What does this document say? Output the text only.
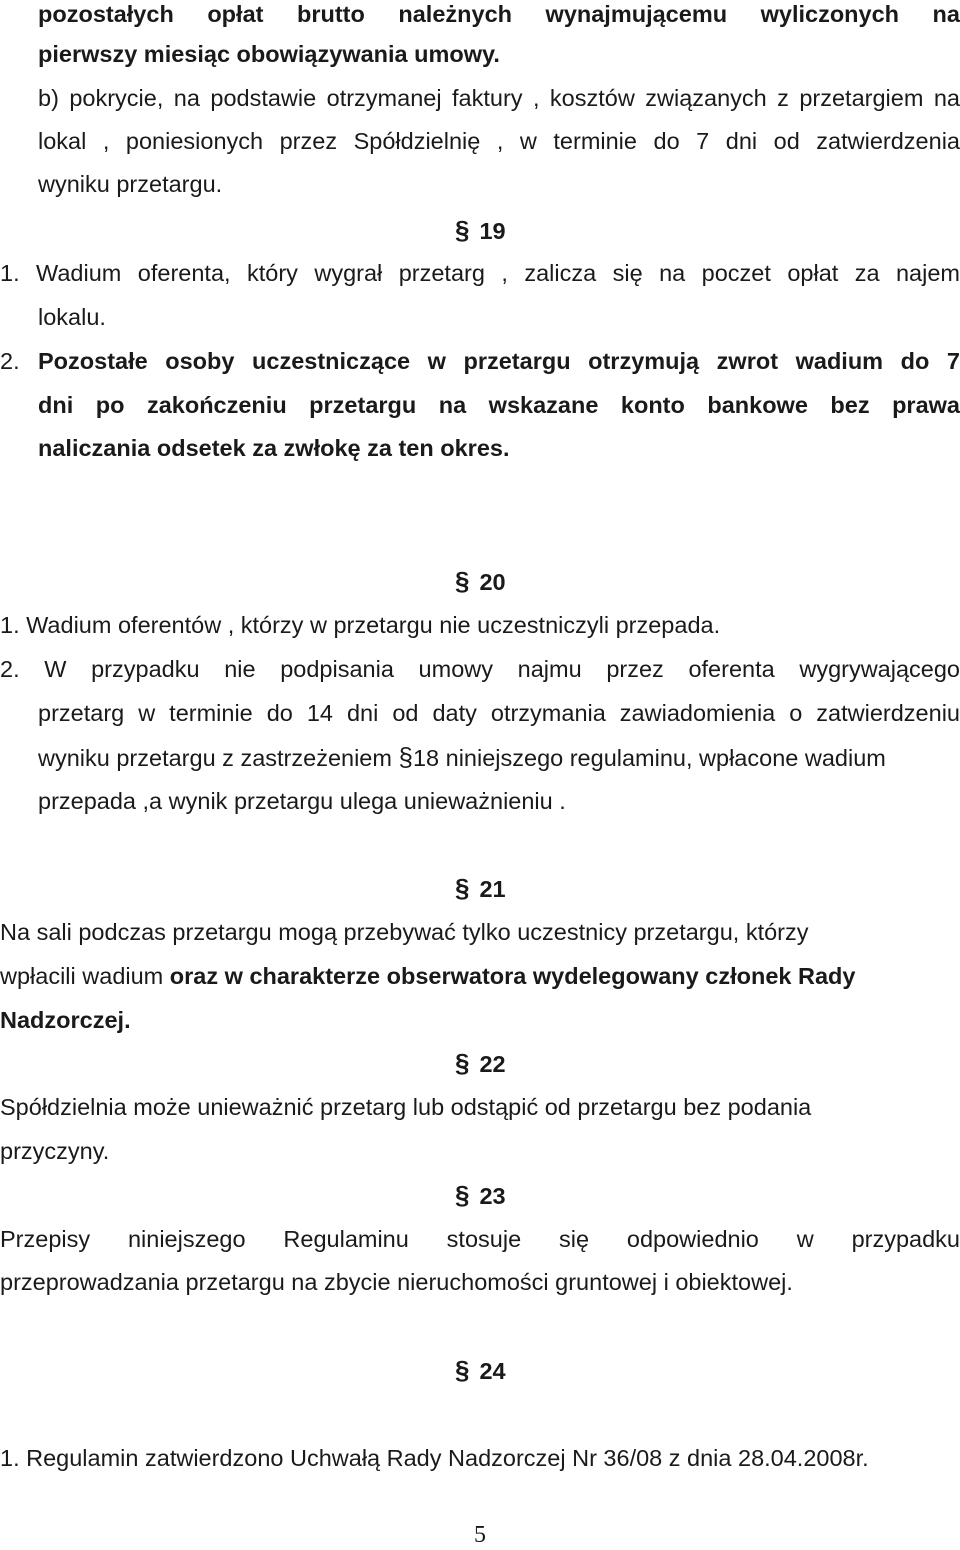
pozostałych opłat brutto należnych wynajmującemu wyliczonych na
pierwszy miesiąc obowiązywania umowy.
b) pokrycie, na podstawie otrzymanej faktury , kosztów związanych z przetargiem na
lokal , poniesionych przez Spółdzielnię , w terminie do 7 dni od zatwierdzenia
wyniku przetargu.
§ 19
1. Wadium oferenta, który wygrał przetarg , zalicza się na poczet opłat za najem
lokalu.
2. Pozostałe osoby uczestniczące w przetargu otrzymują zwrot wadium do 7
dni po zakończeniu przetargu na wskazane konto bankowe bez prawa
naliczania odsetek za zwłokę za ten okres.
§ 20
1. Wadium oferentów , którzy w przetargu nie uczestniczyli przepada.
2. W przypadku nie podpisania umowy najmu przez oferenta wygrywającego
przetarg w terminie do 14 dni od daty otrzymania zawiadomienia o zatwierdzeniu
wyniku przetargu z zastrzeżeniem §18 niniejszego regulaminu, wpłacone wadium
przepada ,a wynik przetargu ulega unieważnieniu .
§ 21
Na sali podczas przetargu mogą przebywać tylko uczestnicy przetargu, którzy
wpłacili wadium oraz w charakterze obserwatora wydelegowany członek Rady
Nadzorczej.
§ 22
Spółdzielnia może unieważnić przetarg lub odstąpić od przetargu bez podania
przyczyny.
§ 23
Przepisy niniejszego Regulaminu stosuje się odpowiednio w przypadku
przeprowadzania przetargu na zbycie nieruchomości gruntowej i obiektowej.
§ 24
1. Regulamin zatwierdzono Uchwałą Rady Nadzorczej Nr 36/08 z dnia 28.04.2008r.
5
